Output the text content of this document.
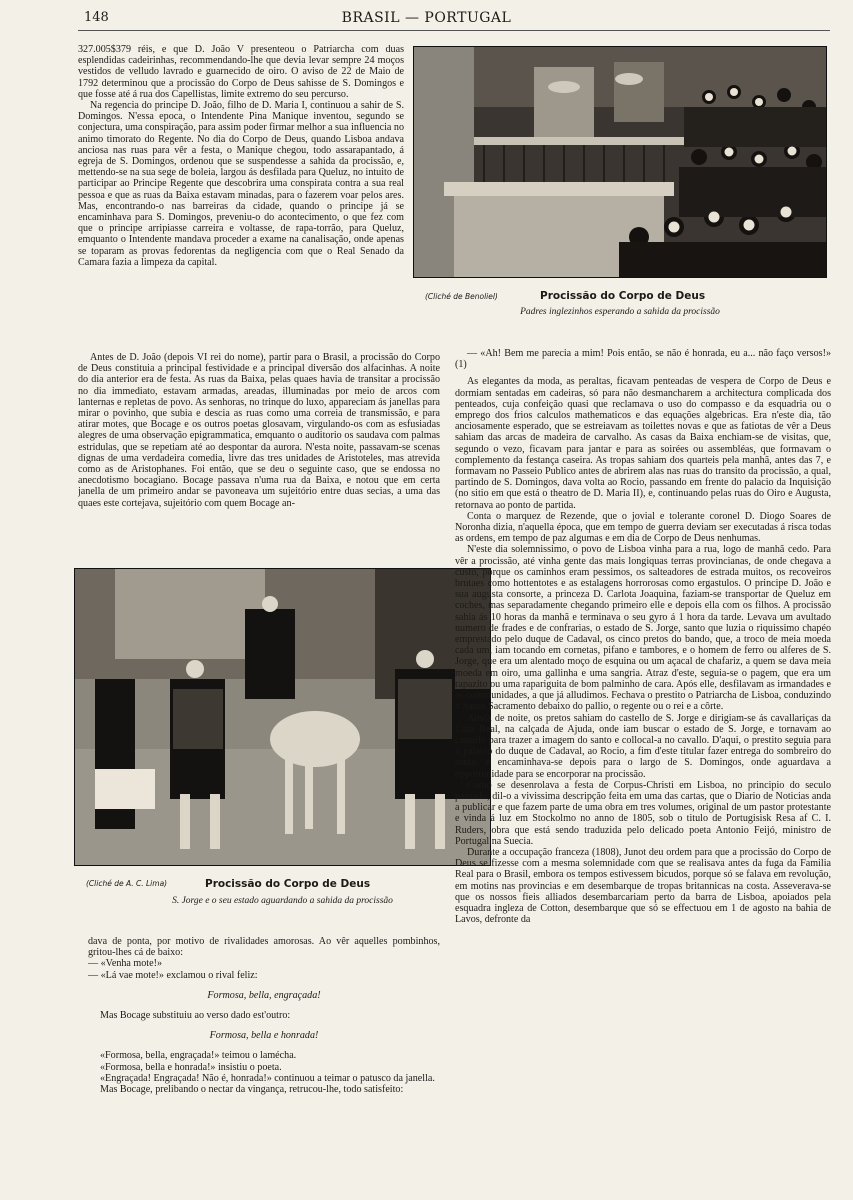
148	BRASIL — PORTUGAL

327.005$379 réis, e que D. João V presenteou o Patriarcha com duas esplendidas cadeirinhas, recommendando-lhe que devia levar sempre 24 moços vestidos de velludo lavrado e guarnecido de oiro. O aviso de 22 de Maio de 1792 determinou que a procissão do Corpo de Deus sahisse de S. Domingos e que fosse até á rua dos Capellistas, limite extremo do seu percurso.

Na regencia do principe D. João, filho de D. Maria I, continuou a sahir de S. Domingos. N'essa epoca, o Intendente Pina Manique inventou, segundo se conjectura, uma conspiração, para assim poder firmar melhor a sua influencia no animo timorato do Regente. No dia do Corpo de Deus, quando Lisboa andava anciosa nas ruas para vêr a festa, o Manique chegou, todo assarapantado, á egreja de S. Domingos, ordenou que se suspendesse a sahida da procissão, e, mettendo-se na sua sege de boleia, largou ás desfilada para Queluz, no intuito de participar ao Principe Regente que descobrira uma conspirata contra a sua real pessoa e que as ruas da Baixa estavam minadas, para o fazerem voar pelos ares. Mas, encontrando-o nas barreiras da cidade, quando o principe já se encaminhava para S. Domingos, preveniu-o do acontecimento, o que fez com que o principe arripiasse carreira e voltasse, de rapa-torrão, para Queluz, emquanto o Intendente mandava proceder a exame na canalisação, onde apenas se toparam as provas fedorentas da negligencia com que o Real Senado da Camara fazia a limpeza da capital.

(Cliché de Benoliel)	Procissão do Corpo de Deus
Padres inglezinhos esperando a sahida da procissão

Antes de D. João (depois VI rei do nome), partir para o Brasil, a procissão do Corpo de Deus constituia a principal festividade e a principal diversão dos alfacinhas. A noite do dia anterior era de festa. As ruas da Baixa, pelas quaes havia de transitar a procissão no dia immediato, estavam armadas, areadas, illuminadas por meio de arcos com lanternas e repletas de povo. As senhoras, no trinque do luxo, appareciam ás janellas para mirar o povinho, que subia e descia as ruas como uma correia de transmissão, e para atirar motes, que Bocage e os outros poetas glosavam, virgulando-os com as esfusiadas alegres de uma observação epigrammatica, emquanto o auditorio os saudava com palmas estridulas, que se repetiam até ao despontar da aurora. N'esta noite, passavam-se scenas dignas de uma verdadeira comedia, livre das tres unidades de Aristoteles, mas atrevida como as de Aristophanes. Foi então, que se deu o seguinte caso, que se endossa no anecdotismo bocagiano. Bocage passava n'uma rua da Baixa, e notou que em certa janella de um primeiro andar se pavoneava um sujeitório entre duas secias, a uma das quaes este cortejava, sujeitório com quem Bocage an-

(Cliché de A. C. Lima)	Procissão do Corpo de Deus
S. Jorge e o seu estado aguardando a sahida da procissão

dava de ponta, por motivo de rivalidades amorosas. Ao vêr aquelles pombinhos, gritou-lhes cá de baixo:

— «Venha mote!»

— «Lá vae mote!» exclamou o rival feliz:

Formosa, bella, engraçada!

Mas Bocage substituiu ao verso dado est'outro:

Formosa, bella e honrada!

«Formosa, bella, engraçada!» teimou o lamécha.

«Formosa, bella e honrada!» insistiu o poeta.

«Engraçada! Engraçada! Não é, honrada!» continuou a teimar o patusco da janella.

Mas Bocage, prelibando o nectar da vingança, retrucou-lhe, todo satisfeito:

— «Ah! Bem me parecia a mim! Pois então, se não é honrada, eu a... não faço versos!» (1)

As elegantes da moda, as peraltas, ficavam penteadas de vespera de Corpo de Deus e dormiam sentadas em cadeiras, só para não desmancharem a architectura complicada dos penteados, cuja confeição quasi que reclamava o uso do compasso e da esquadria ou o emprego dos frios calculos mathematicos e das equações algebricas. Era n'este dia, tão anciosamente esperado, que se estreiavam as toilettes novas e que as fatiotas de vêr a Deus sahiam das arcas de madeira de carvalho. As casas da Baixa enchiam-se de visitas, que, segundo o vezo, ficavam para jantar e para as soirées ou assembléas, que formavam o complemento da festança caseira. As tropas sahiam dos quarteis pela manhã, antes das 7, e formavam no Passeio Publico antes de abrirem alas nas ruas do transito da procissão, a qual, partindo de S. Domingos, dava volta ao Rocio, passando em frente do palacio da Inquisição (no sitio em que está o theatro de D. Maria II), e, continuando pelas ruas do Oiro e Augusta, retornava ao ponto de partida.

Conta o marquez de Rezende, que o jovial e tolerante coronel D. Diogo Soares de Noronha dizia, n'aquella época, que em tempo de guerra deviam ser executadas á risca todas as ordens, em tempo de paz algumas e em dia de Corpo de Deus nenhumas.

N'este dia solemnissimo, o povo de Lisboa vinha para a rua, logo de manhã cedo. Para vêr a procissão, até vinha gente das mais longiquas terras provincianas, de onde chegava a custo, porque os caminhos eram pessimos, os salteadores de estrada muitos, os recoveiros brutaes como hottentotes e as estalagens horrorosas como ergastulos. O principe D. João e sua augusta consorte, a princeza D. Carlota Joaquina, faziam-se transportar de Queluz em coches, mas separadamente chegando primeiro elle e depois ella com os filhos. A procissão sahia ás 10 horas da manhã e terminava o seu gyro á 1 hora da tarde. Levava um avultado numero de frades e de confrarias, o estado de S. Jorge, santo que luzia o riquissimo chapéo emprestado pelo duque de Cadaval, os cinco pretos do bando, que, a troco de meia moeda cada um, iam tocando em cornetas, pifano e tambores, e o homem de ferro ou alferes de S. Jorge, que era um alentado moço de esquina ou um açacal de chafariz, a quem se dava meia moeda em oiro, uma gallinha e uma sangria. Atraz d'este, seguia-se o pagem, que era um rapazito ou uma rapariguita de bom palminho de cara. Após elle, desfilavam as irmandades e as communidades, a que já alludimos. Fechava o prestito o Patriarcha de Lisboa, conduzindo o Santo Sacramento debaixo do pallio, o regente ou o rei e a côrte.

Ainda de noite, os pretos sahiam do castello de S. Jorge e dirigiam-se ás cavallariças da Casa Real, na calçada de Ajuda, onde iam buscar o estado de S. Jorge, e tornavam ao castello para trazer a imagem do santo e collocal-a no cavallo. D'aqui, o prestito seguia para o palacio do duque de Cadaval, ao Rocio, a fim d'este titular fazer entrega do sombreiro do santo, e encaminhava-se depois para o largo de S. Domingos, onde aguardava a opportunidade para se encorporar na procissão.

Como se desenrolava a festa de Corpus-Christi em Lisboa, no principio do seculo passado, dil-o a vivissima descripção feita em uma das cartas, que o Diario de Noticias anda a publicar e que fazem parte de uma obra em tres volumes, original de um pastor protestante e vinda á luz em Stockolmo no anno de 1805, sob o titulo de Portugisisk Resa af C. I. Ruders, obra que está sendo traduzida pelo delicado poeta Antonio Feijó, ministro de Portugal na Suecia.

Durante a occupação franceza (1808), Junot deu ordem para que a procissão do Corpo de Deus se fizesse com a mesma solemnidade com que se realisava antes da fuga da Familia Real para o Brasil, embora os tempos estivessem bicudos, porque só se falava em revolução, em motins nas provincias e em desembarque de tropas britannicas na costa. Asseverava-se que os nossos fieis alliados desembarcariam perto da barra de Lisboa, apoiados pela esquadra ingleza de Cotton, desembarque que só se effectuou em 1 de agosto na bahia de Lavos, defronte da
